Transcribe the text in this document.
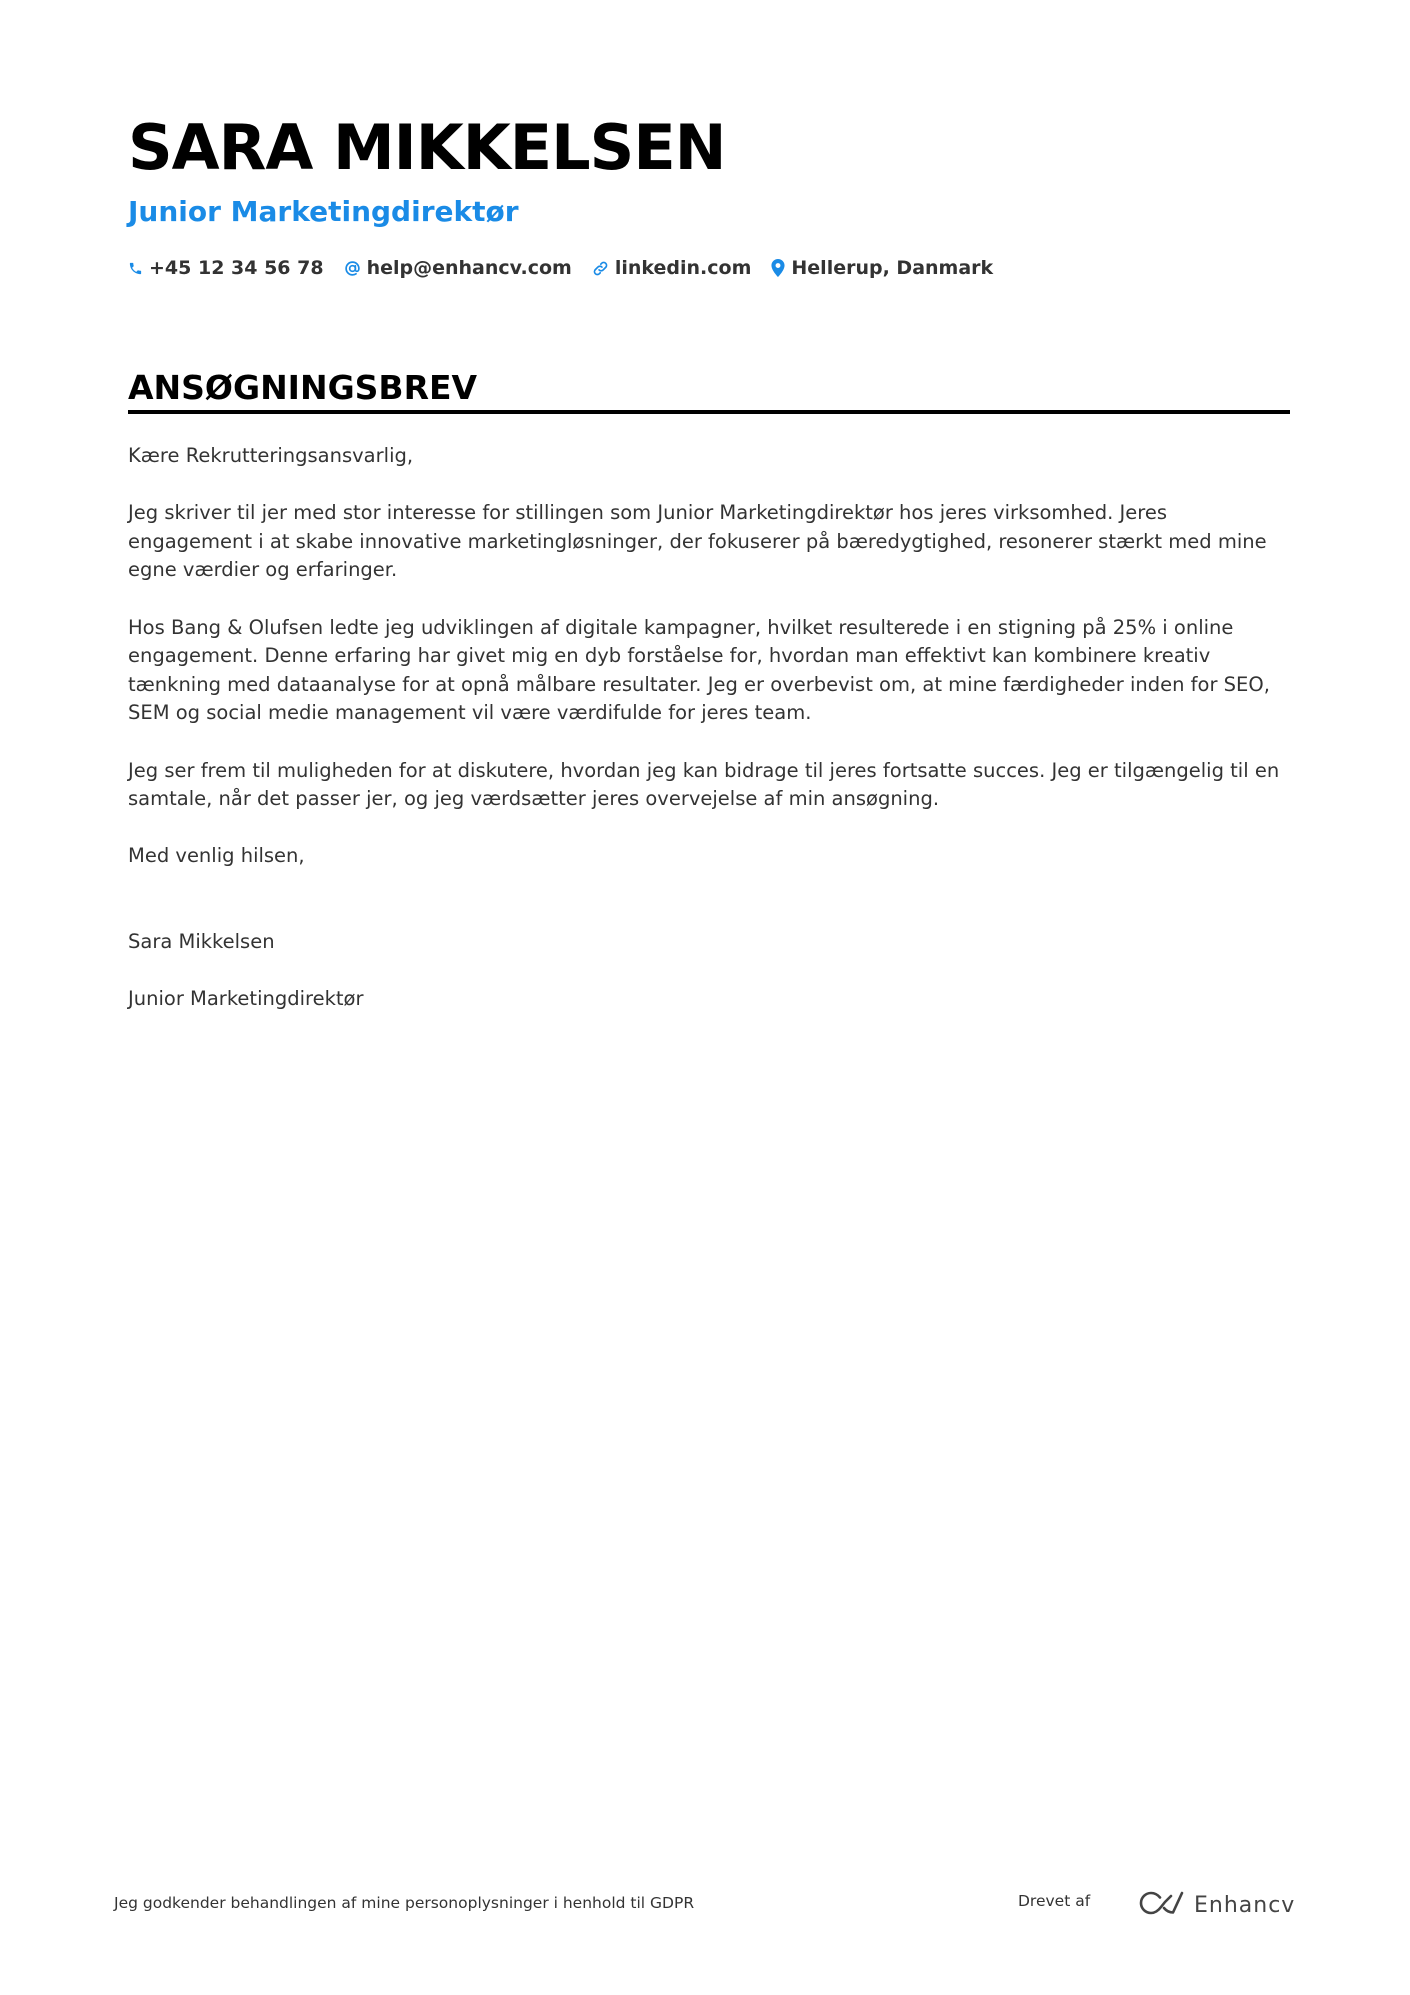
SARA MIKKELSEN
Junior Marketingdirektør
+45 12 34 56 78 help@enhancv.com linkedin.com Hellerup, Danmark
ANSØGNINGSBREV

Kære Rekrutteringsansvarlig,

Jeg skriver til jer med stor interesse for stillingen som Junior Marketingdirektør hos jeres virksomhed. Jeres engagement i at skabe innovative marketingløsninger, der fokuserer på bæredygtighed, resonerer stærkt med mine egne værdier og erfaringer.

Hos Bang & Olufsen ledte jeg udviklingen af digitale kampagner, hvilket resulterede i en stigning på 25% i online engagement. Denne erfaring har givet mig en dyb forståelse for, hvordan man effektivt kan kombinere kreativ tænkning med dataanalyse for at opnå målbare resultater. Jeg er overbevist om, at mine færdigheder inden for SEO, SEM og social medie management vil være værdifulde for jeres team.

Jeg ser frem til muligheden for at diskutere, hvordan jeg kan bidrage til jeres fortsatte succes. Jeg er tilgængelig til en samtale, når det passer jer, og jeg værdsætter jeres overvejelse af min ansøgning.

Med venlig hilsen,

Sara Mikkelsen

Junior Marketingdirektør

Jeg godkender behandlingen af mine personoplysninger i henhold til GDPR	Drevet af	Enhancv
